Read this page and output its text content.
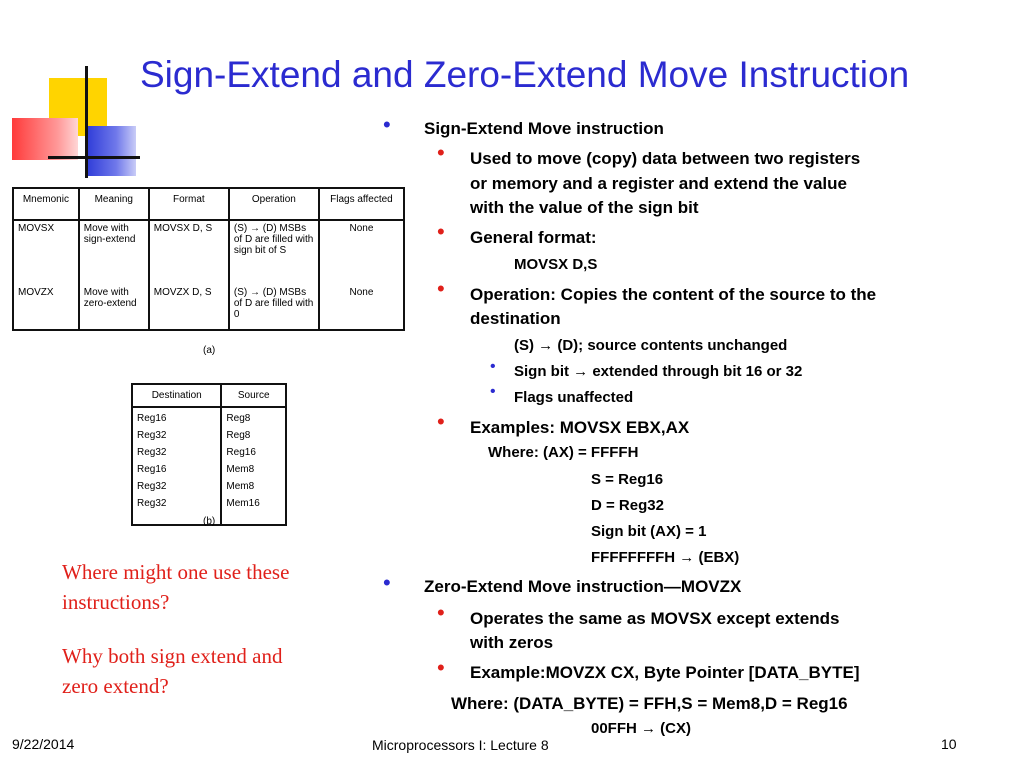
Sign-Extend and Zero-Extend Move Instruction
Mnemonic	Meaning	Format	Operation	Flags affected
MOVSX	Move with sign-extend	MOVSX D, S	(S) → (D) MSBs of D are filled with sign bit of S	None
MOVZX	Move with zero-extend	MOVZX D, S	(S) → (D) MSBs of D are filled with 0	None
(a)
Destination	Source
Reg16	Reg8
Reg32	Reg8
Reg32	Reg16
Reg16	Mem8
Reg32	Mem8
Reg32	Mem16
(b)
Where might one use these instructions?
Why both sign extend and zero extend?
• Sign-Extend Move instruction
• Used to move (copy) data between two registers
or memory and a register and extend the value
with the value of the sign bit
• General format:
MOVSX D,S
• Operation: Copies the content of the source to the
destination
(S) → (D); source contents unchanged
• Sign bit → extended through bit 16 or 32
• Flags unaffected
• Examples: MOVSX EBX,AX
Where: (AX) = FFFFH
S = Reg16
D = Reg32
Sign bit (AX) = 1
FFFFFFFFH → (EBX)
• Zero-Extend Move instruction—MOVZX
• Operates the same as MOVSX except extends
with zeros
• Example:MOVZX CX, Byte Pointer [DATA_BYTE]
Where: (DATA_BYTE) = FFH,S = Mem8,D = Reg16
00FFH → (CX)
9/22/2014	Microprocessors I: Lecture 8	10
